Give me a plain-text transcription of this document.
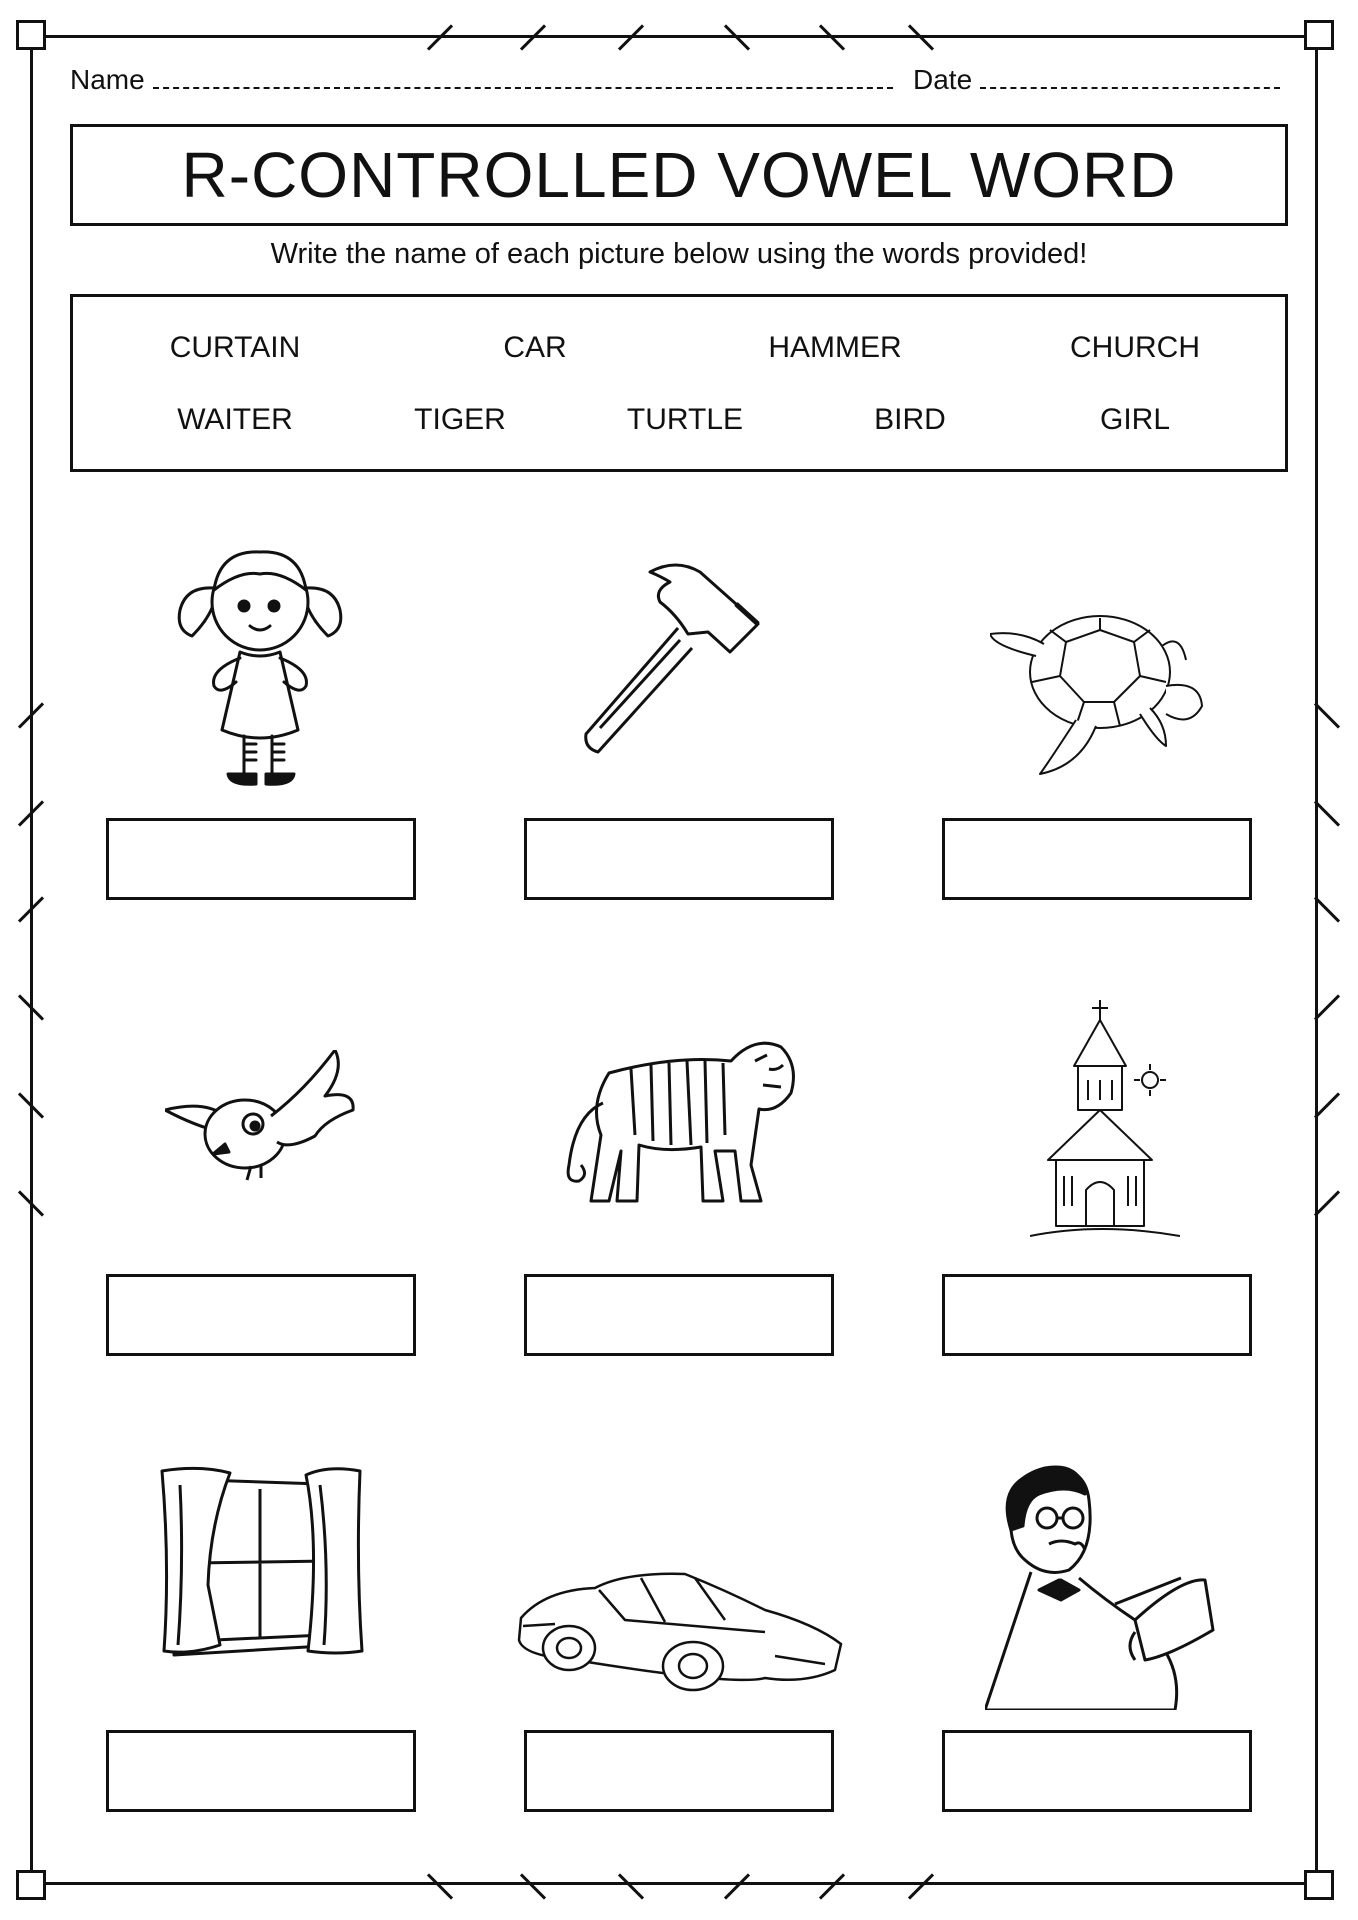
Name	Date
R-CONTROLLED VOWEL WORD
Write the name of each picture below using the words provided!
CURTAIN	CAR	HAMMER	CHURCH
WAITER	TIGER	TURTLE	BIRD	GIRL
